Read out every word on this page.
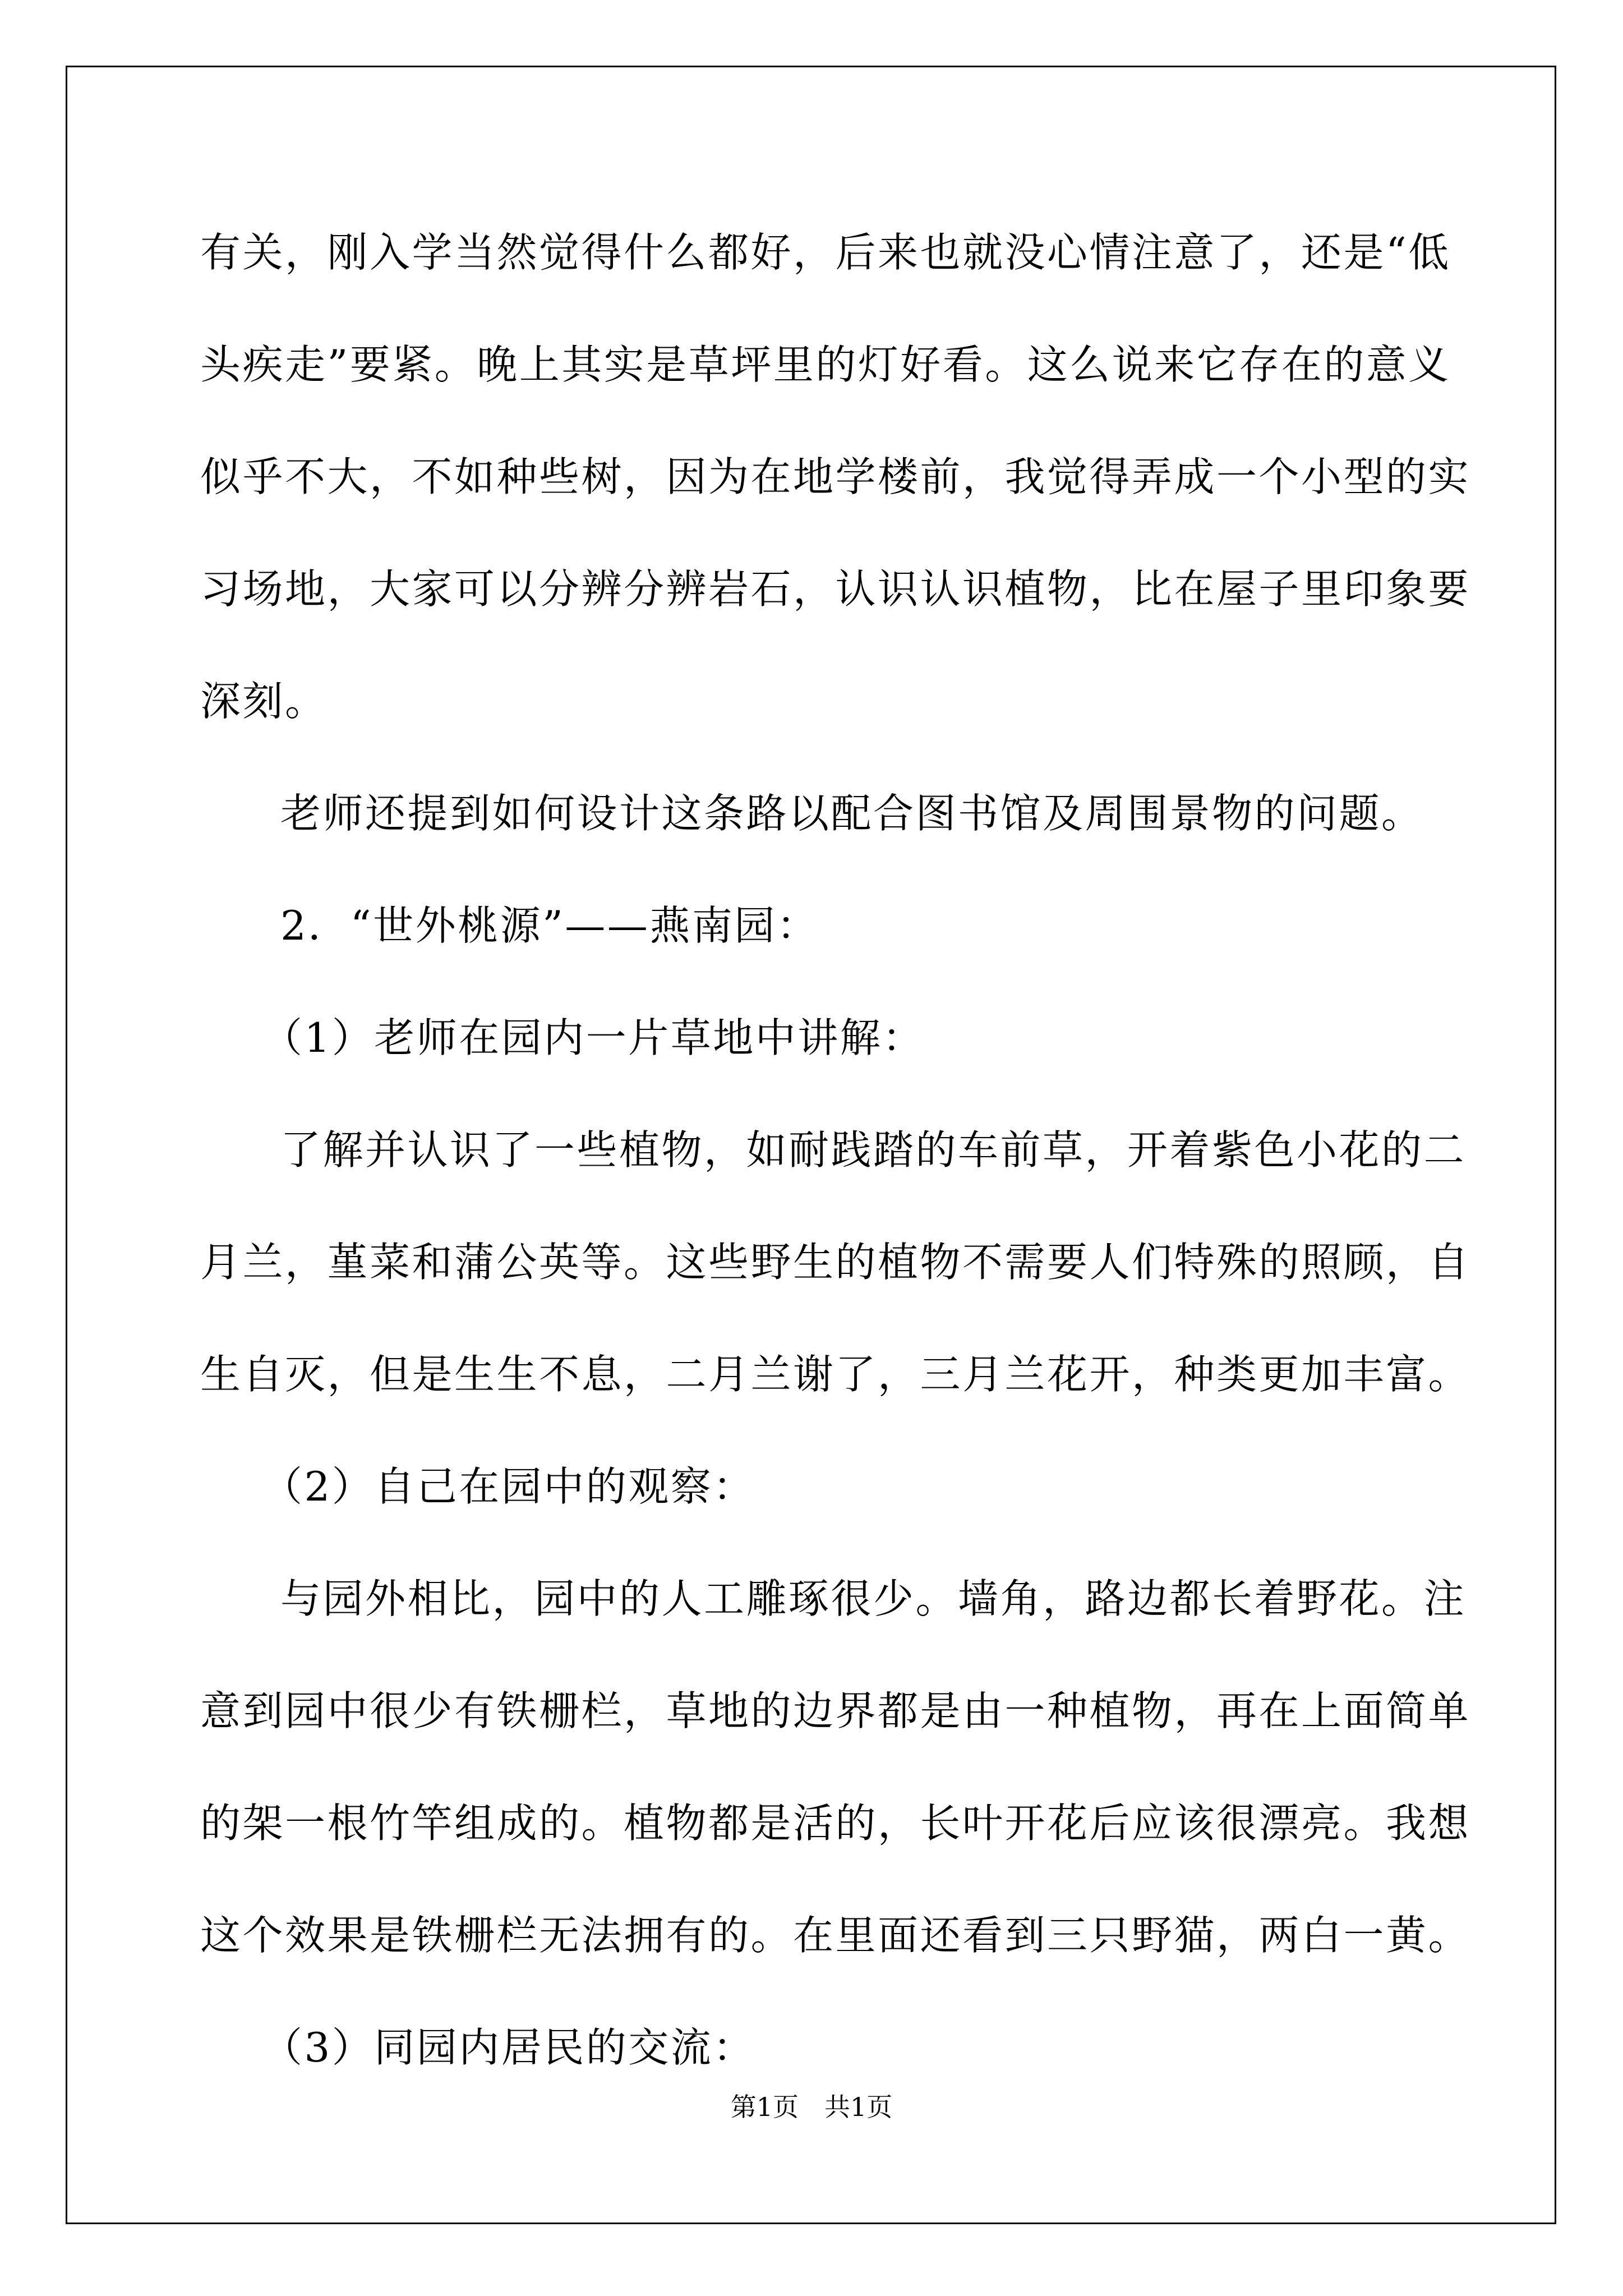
有关，刚入学当然觉得什么都好，后来也就没心情注意了，还是“低
头疾走”要紧。晚上其实是草坪里的灯好看。这么说来它存在的意义
似乎不大，不如种些树，因为在地学楼前，我觉得弄成一个小型的实
习场地，大家可以分辨分辨岩石，认识认识植物，比在屋子里印象要
深刻。
老师还提到如何设计这条路以配合图书馆及周围景物的问题。
2．“世外桃源”——燕南园：
（1）老师在园内一片草地中讲解：
了解并认识了一些植物，如耐践踏的车前草，开着紫色小花的二
月兰，堇菜和蒲公英等。这些野生的植物不需要人们特殊的照顾，自
生自灭，但是生生不息，二月兰谢了，三月兰花开，种类更加丰富。
（2）自己在园中的观察：
与园外相比，园中的人工雕琢很少。墙角，路边都长着野花。注
意到园中很少有铁栅栏，草地的边界都是由一种植物，再在上面简单
的架一根竹竿组成的。植物都是活的，长叶开花后应该很漂亮。我想
这个效果是铁栅栏无法拥有的。在里面还看到三只野猫，两白一黄。
（3）同园内居民的交流：
第1页　共1页
